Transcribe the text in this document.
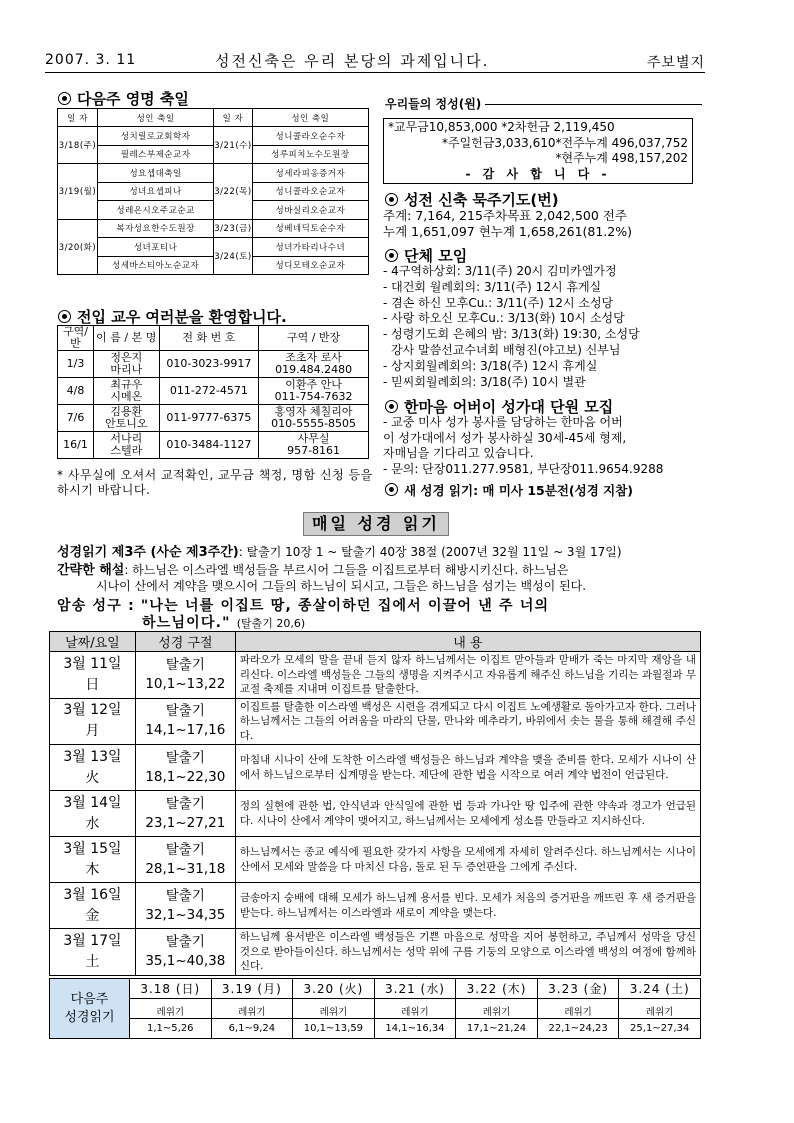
2007. 3. 11	성전신축은 우리 본당의 과제입니다.	주보별지
다음주 영명 축일
일 자	성인 축일	일 자	성인 축일
3/18(주)	성치릴로교회학자	3/21(수)	성니콜라오순수자
	필레스부제순교자		성루피치노수도원장
3/19(월)	성요셉대축일	3/22(목)	성세라피옹증거자
	성녀요셉피나		성니콜라오순교자
	성레온시오주교순교		성바실리오순교자
3/20(화)	복자성요한수도원장	3/23(금)	성베네딕토순수자
	성녀포티나	3/24(토)	성녀가타리나수녀
	성세바스티아노순교자		성디모테오순교자
전입 교우 여러분을 환영합니다.
구역/반	이 름 / 본 명	전 화 번 호	구역 / 반장
1/3	정은지
마리나	010-3023-9917	조초자 로사
019.484.2480
4/8	최규우
시메온	011-272-4571	이환주 안나
011-754-7632
7/6	김용환
안토니오	011-9777-6375	홍영자 체칠리아
010-5555-8505
16/1	서나리
스텔라	010-3484-1127	사무실
957-8161
* 사무실에 오셔서 교적확인, 교무금 책정, 명함 신청 등을 하시기 바랍니다.
우리들의 정성(원)
*교무금10,853,000 *2차헌금 2,119,450
*주일헌금3,033,610*전주누계 496,037,752
*현주누계 498,157,202
- 감 사 합 니 다 -
성전 신축 묵주기도(번)
주계: 7,164, 215주차목표 2,042,500 전주
누계 1,651,097 현누계 1,658,261(81.2%)
단체 모임
- 4구역하상회: 3/11(주) 20시 김미카엘가정
- 대건회 월례회의: 3/11(주) 12시 휴게실
- 겸손 하신 모후Cu.: 3/11(주) 12시 소성당
- 사랑 하오신 모후Cu.: 3/13(화) 10시 소성당
- 성령기도회 은혜의 밤: 3/13(화) 19:30, 소성당
강사 말씀선교수녀회 배형진(야고보) 신부님
- 상지회월례회의: 3/18(주) 12시 휴게실
- 믿씨회월례회의: 3/18(주) 10시 별관
한마음 어버이 성가대 단원 모집
- 교중 미사 성가 봉사를 담당하는 한마음 어버
이 성가대에서 성가 봉사하실 30세-45세 형제,
자매님을 기다리고 있습니다.
- 문의: 단장011.277.9581, 부단장011.9654.9288
새 성경 읽기: 매 미사 15분전(성경 지참)
매일 성경 읽기
성경읽기 제3주 (사순 제3주간): 탈출기 10장 1 ~ 탈출기 40장 38절 (2007년 32월 11일 ~ 3월 17일)
간략한 해설: 하느님은 이스라엘 백성들을 부르시어 그들을 이집트로부터 해방시키신다. 하느님은
시나이 산에서 계약을 맺으시어 그들의 하느님이 되시고, 그들은 하느님을 섬기는 백성이 된다.
암송 성구 : "나는 너를 이집트 땅, 종살이하던 집에서 이끌어 낸 주 너의
하느님이다." (탈출기 20,6)
날짜/요일	성경 구절	내 용
3월 11일
日	탈출기
10,1~13,22	파라오가 모세의 말을 끝내 듣지 않자 하느님께서는 이집트 맏아들과 맏배가 죽는 마지막 재앙을 내리신다. 이스라엘 백성들은 그들의 생명을 지켜주시고 자유롭게 해주신 하느님을 기리는 과월절과 무교절 축제를 지내며 이집트를 탈출한다.
3월 12일
月	탈출기
14,1~17,16	이집트를 탈출한 이스라엘 백성은 시련을 겪게되고 다시 이집트 노예생활로 돌아가고자 한다. 그러나 하느님께서는 그들의 어려움을 마라의 단물, 만나와 메추라기, 바위에서 솟는 물을 통해 해결해 주신다.
3월 13일
火	탈출기
18,1~22,30	마침내 시나이 산에 도착한 이스라엘 백성들은 하느님과 계약을 맺을 준비를 한다. 모세가 시나이 산에서 하느님으로부터 십계명을 받는다. 제단에 관한 법을 시작으로 여러 계약 법전이 언급된다.
3월 14일
水	탈출기
23,1~27,21	정의 실현에 관한 법, 안식년과 안식일에 관한 법 등과 가나안 땅 입주에 관한 약속과 경고가 언급된다. 시나이 산에서 계약이 맺어지고, 하느님께서는 모세에게 성소를 만들라고 지시하신다.
3월 15일
木	탈출기
28,1~31,18	하느님께서는 종교 예식에 필요한 갖가지 사항을 모세에게 자세히 알려주신다. 하느님께서는 시나이 산에서 모세와 말씀을 다 마치신 다음, 돌로 된 두 증언판을 그에게 주신다.
3월 16일
金	탈출기
32,1~34,35	금송아지 숭배에 대해 모세가 하느님께 용서를 빈다. 모세가 처음의 증거판을 깨뜨린 후 새 증거판을 받는다. 하느님께서는 이스라엘과 새로이 계약을 맺는다.
3월 17일
土	탈출기
35,1~40,38	하느님께 용서받은 이스라엘 백성들은 기쁜 마음으로 성막을 지어 봉헌하고, 주님께서 성막을 당신 것으로 받아들이신다. 하느님께서는 성막 위에 구름 기둥의 모양으로 이스라엘 백성의 여정에 함께하신다.
다음주
성경읽기	3.18 (日)	3.19 (月)	3.20 (火)	3.21 (水)	3.22 (木)	3.23 (金)	3.24 (土)
	레위기	레위기	레위기	레위기	레위기	레위기	레위기
	1,1~5,26	6,1~9,24	10,1~13,59	14,1~16,34	17,1~21,24	22,1~24,23	25,1~27,34
